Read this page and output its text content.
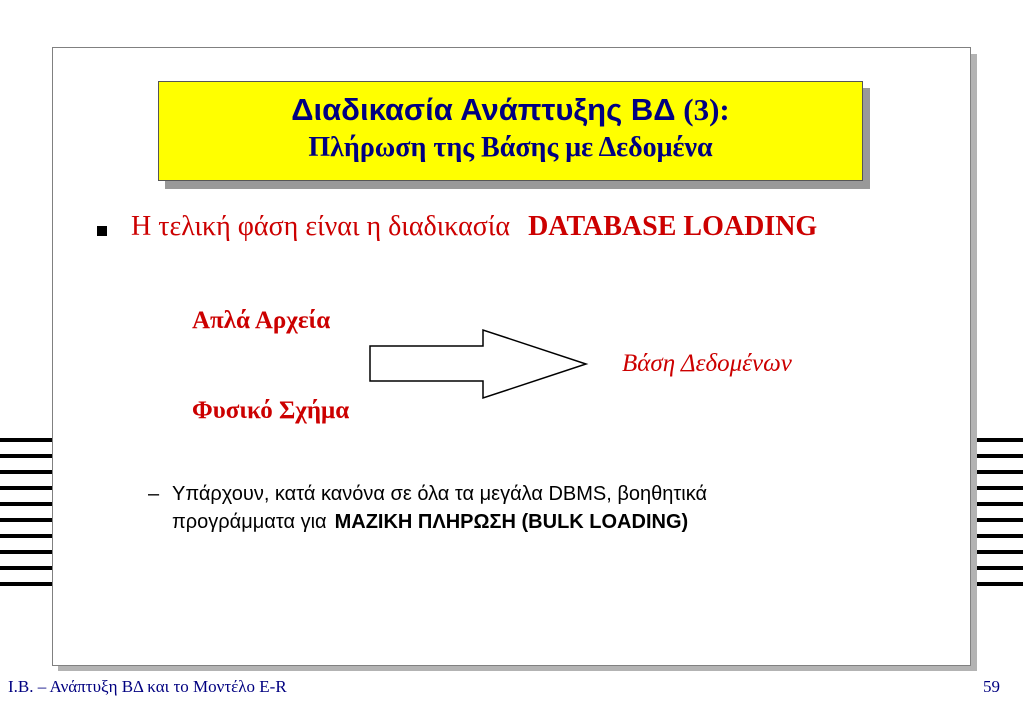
Διαδικασία Ανάπτυξης ΒΔ (3):
Πλήρωση της Βάσης με Δεδομένα
Η τελική φάση είναι η διαδικασία DATABASE LOADING
Απλά Αρχεία
Βάση Δεδομένων
Φυσικό Σχήμα
– Υπάρχουν, κατά κανόνα σε όλα τα μεγάλα DBMS, βοηθητικά
προγράμματα για ΜΑΖΙΚΗ ΠΛΗΡΩΣΗ (BULK LOADING)
Ι.Β. – Ανάπτυξη ΒΔ και το Μοντέλο Ε-R	59
